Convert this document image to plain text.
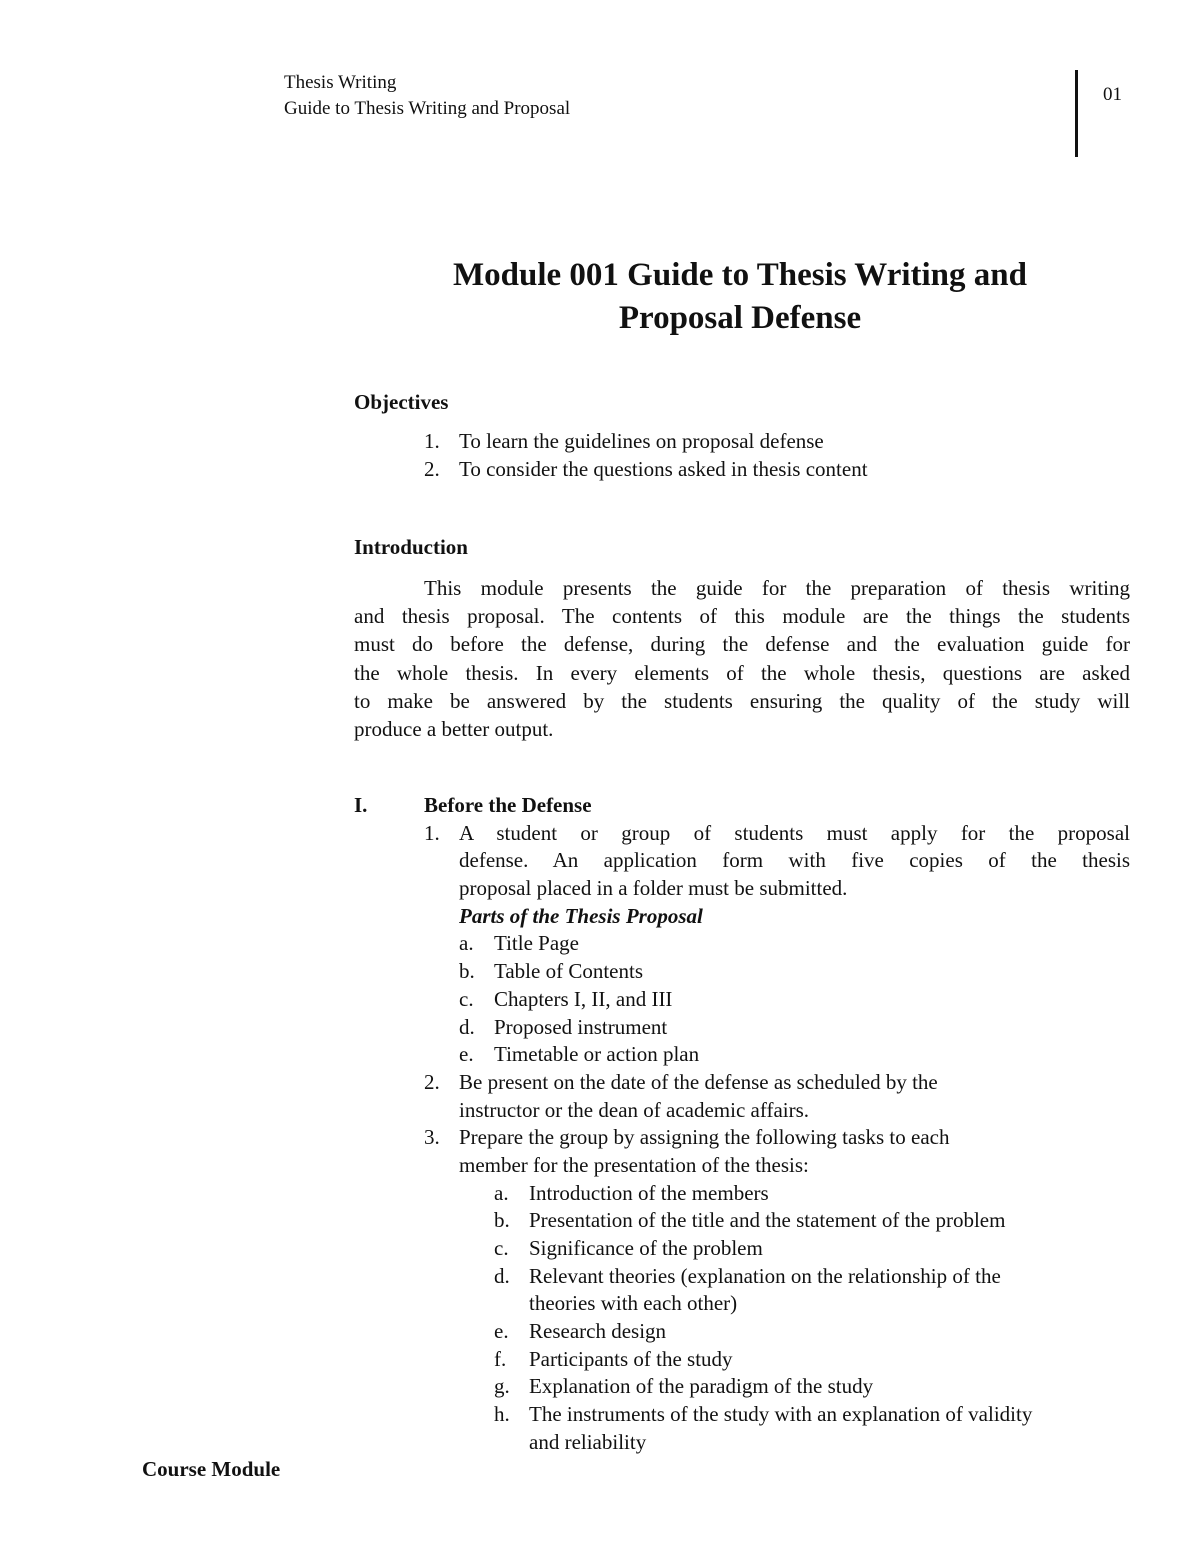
Thesis Writing
Guide to Thesis Writing and Proposal
01
Module 001 Guide to Thesis Writing and
Proposal Defense
Objectives
1. To learn the guidelines on proposal defense
2. To consider the questions asked in thesis content
Introduction
This module presents the guide for the preparation of thesis writing
and thesis proposal. The contents of this module are the things the students
must do before the defense, during the defense and the evaluation guide for
the whole thesis. In every elements of the whole thesis, questions are asked
to make be answered by the students ensuring the quality of the study will
produce a better output.
I.	Before the Defense
1. A student or group of students must apply for the proposal
defense. An application form with five copies of the thesis
proposal placed in a folder must be submitted.
Parts of the Thesis Proposal
a. Title Page
b. Table of Contents
c. Chapters I, II, and III
d. Proposed instrument
e. Timetable or action plan
2. Be present on the date of the defense as scheduled by the
instructor or the dean of academic affairs.
3. Prepare the group by assigning the following tasks to each
member for the presentation of the thesis:
a. Introduction of the members
b. Presentation of the title and the statement of the problem
c. Significance of the problem
d. Relevant theories (explanation on the relationship of the
theories with each other)
e. Research design
f. Participants of the study
g. Explanation of the paradigm of the study
h. The instruments of the study with an explanation of validity
and reliability
Course Module
